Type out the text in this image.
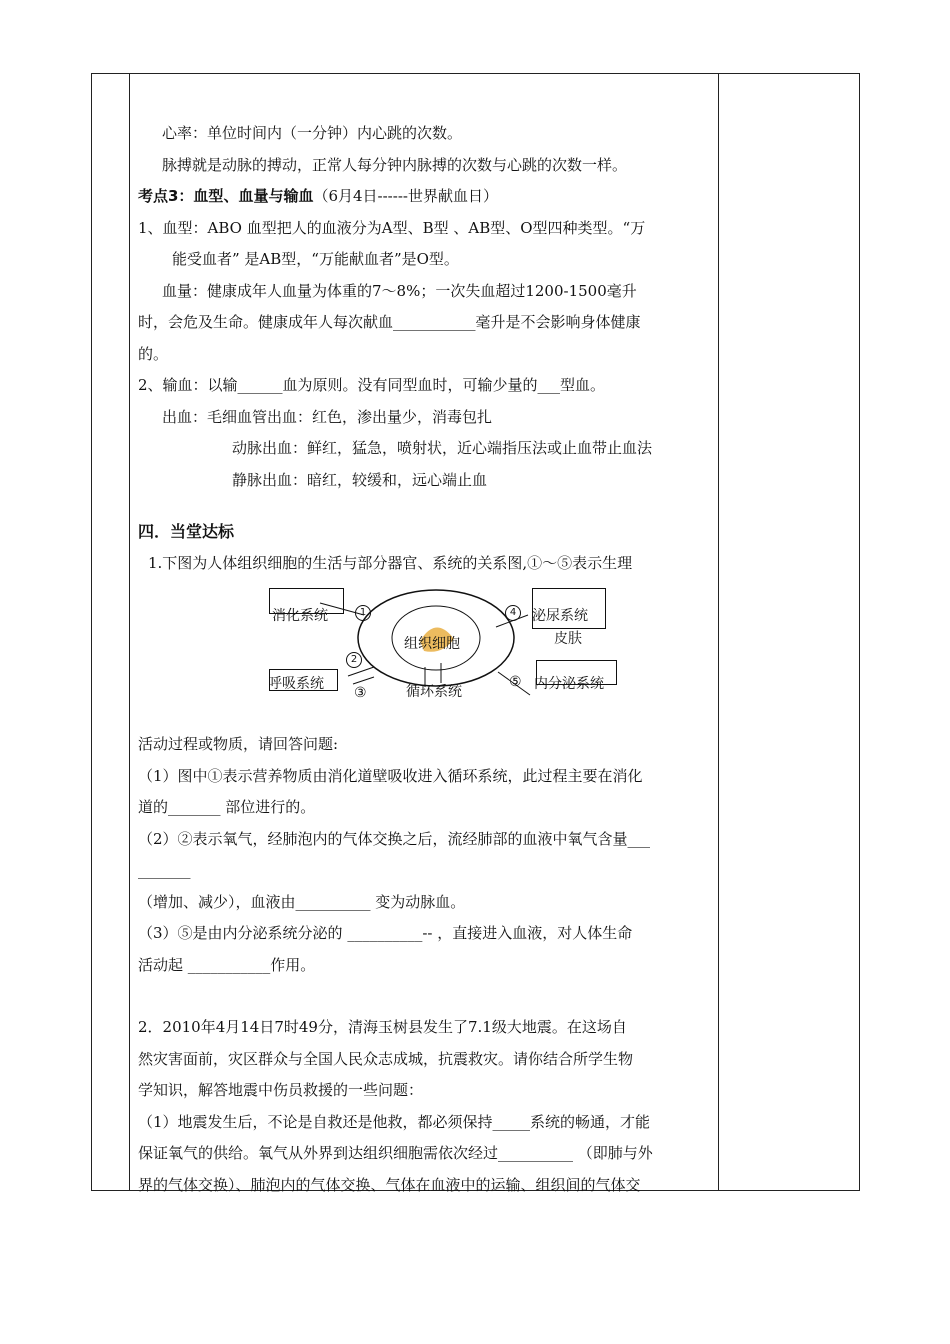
心率：单位时间内（一分钟）内心跳的次数。
脉搏就是动脉的搏动，正常人每分钟内脉搏的次数与心跳的次数一样。
考点3：血型、血量与输血（6月4日------世界献血日）
1、血型：ABO 血型把人的血液分为A型、B型 、AB型、O型四种类型。“万
能受血者” 是AB型，“万能献血者”是O型。
血量：健康成年人血量为体重的7～8%；一次失血超过1200-1500毫升
时，会危及生命。健康成年人每次献血___________毫升是不会影响身体健康
的。
2、输血：以输______血为原则。没有同型血时，可输少量的___型血。
出血：毛细血管出血：红色，渗出量少，消毒包扎
动脉出血：鲜红，猛急，喷射状，近心端指压法或止血带止血法
静脉出血：暗红，较缓和，远心端止血
四．当堂达标
1.下图为人体组织细胞的生活与部分器官、系统的关系图,①～⑤表示生理
消化系统	泌尿系统
皮肤
组织细胞
呼吸系统	循环系统	内分泌系统
1	4
2
③
⑤
活动过程或物质，请回答问题:
（1）图中①表示营养物质由消化道壁吸收进入循环系统，此过程主要在消化
道的_______ 部位进行的。
（2）②表示氧气，经肺泡内的气体交换之后，流经肺部的血液中氧气含量___
_______
（增加、减少），血液由__________ 变为动脉血。
（3）⑤是由内分泌系统分泌的 __________-- ，直接进入血液，对人体生命
活动起 ___________作用。
2．2010年4月14日7时49分，清海玉树县发生了7.1级大地震。在这场自
然灾害面前，灾区群众与全国人民众志成城，抗震救灾。请你结合所学生物
学知识，解答地震中伤员救援的一些问题：
（1）地震发生后，不论是自救还是他救，都必须保持_____系统的畅通，才能
保证氧气的供给。氧气从外界到达组织细胞需依次经过__________ （即肺与外
界的气体交换）、肺泡内的气体交换、气体在血液中的运输、组织间的气体交
